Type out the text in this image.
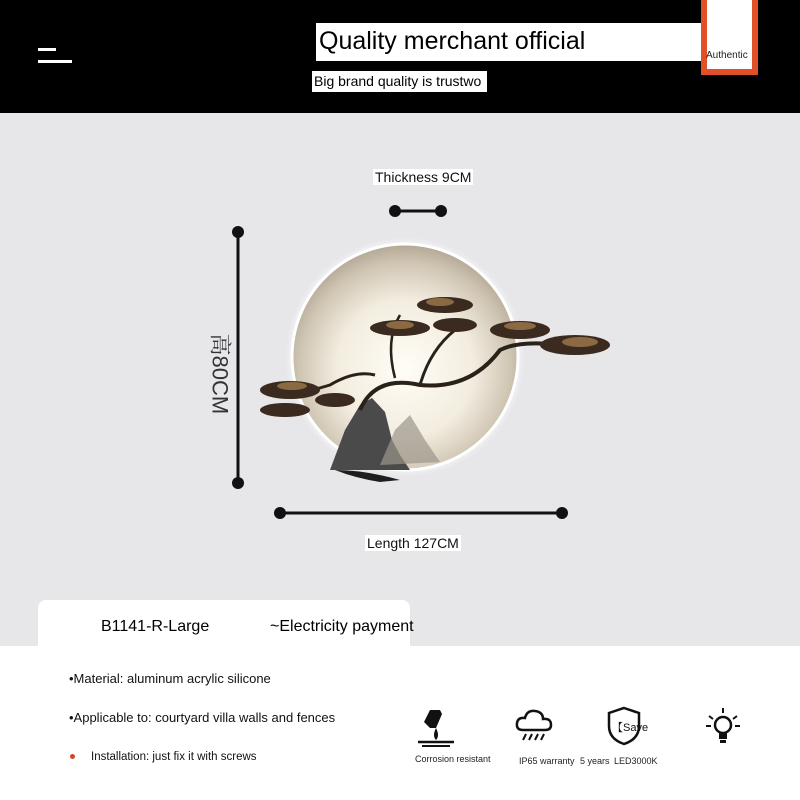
Quality merchant official
Big brand quality is trustwo
Authentic
Thickness 9CM
高80CM
Length 127CM
B1141-R-Large	~Electricity payment
•Material: aluminum acrylic silicone
•Applicable to: courtyard villa walls and fences
Installation: just fix it with screws	Corrosion resistant	IP65 warranty
【Save
5 years LED3000K
